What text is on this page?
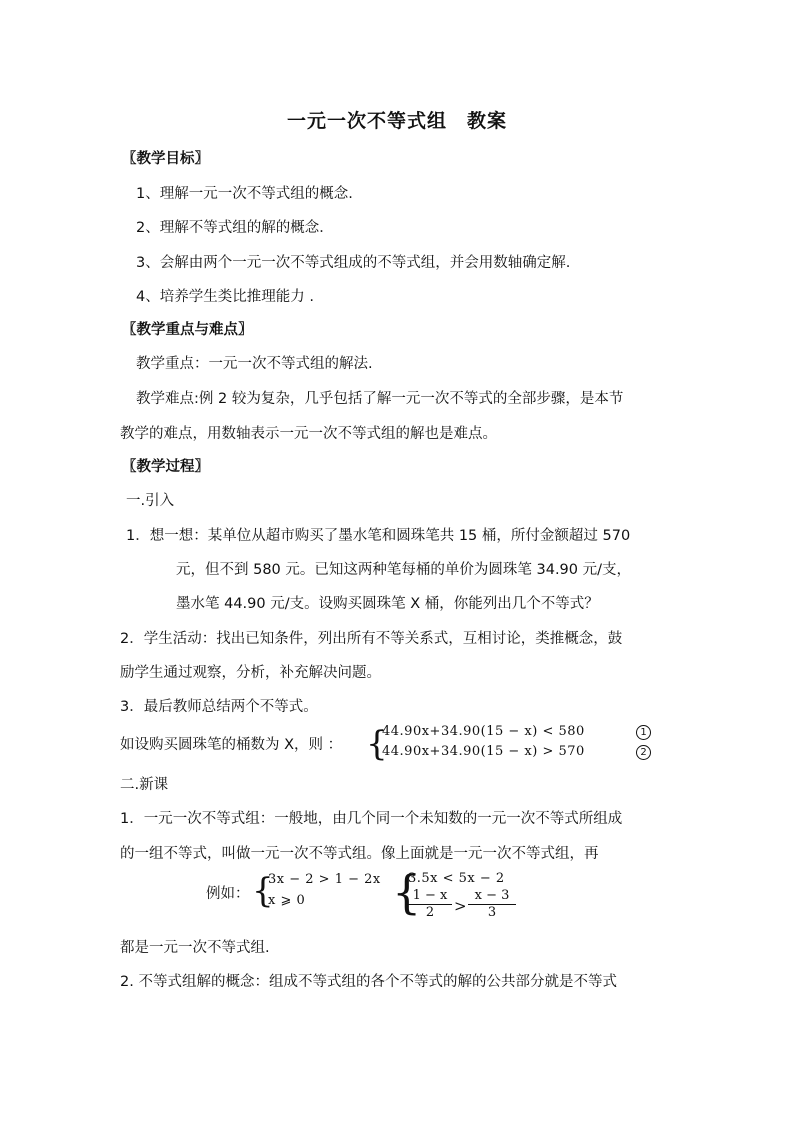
一元一次不等式组　教案
〖教学目标〗
1、理解一元一次不等式组的概念.
2、理解不等式组的解的概念．
3、会解由两个一元一次不等式组成的不等式组，并会用数轴确定解.
4、培养学生类比推理能力 .
〖教学重点与难点〗
教学重点：一元一次不等式组的解法.
教学难点:例 2 较为复杂，几乎包括了解一元一次不等式的全部步骤，是本节
教学的难点，用数轴表示一元一次不等式组的解也是难点。
〖教学过程〗
一.引入
1．想一想：某单位从超市购买了墨水笔和圆珠笔共 15 桶，所付金额超过 570
元，但不到 580 元。已知这两种笔每桶的单价为圆珠笔 34.90 元/支，
墨水笔 44.90 元/支。设购买圆珠笔 X 桶，你能列出几个不等式？
2．学生活动：找出已知条件，列出所有不等关系式，互相讨论，类推概念，鼓
励学生通过观察，分析，补充解决问题。
3．最后教师总结两个不等式。
如设购买圆珠笔的桶数为 X，则 ： {
44.90x+34.90(15 − x) < 580
44.90x+34.90(15 − x) > 570
1
2
二.新课
1．一元一次不等式组：一般地，由几个同一个未知数的一元一次不等式所组成
的一组不等式，叫做一元一次不等式组。像上面就是一元一次不等式组，再
例如： {
3x − 2 > 1 − 2x
x ⩾ 0 {
3.5x < 5x − 2
$\frac{1 - x}{2} > \frac{x - 3}{3}$
都是一元一次不等式组.
2. 不等式组解的概念：组成不等式组的各个不等式的解的公共部分就是不等式
